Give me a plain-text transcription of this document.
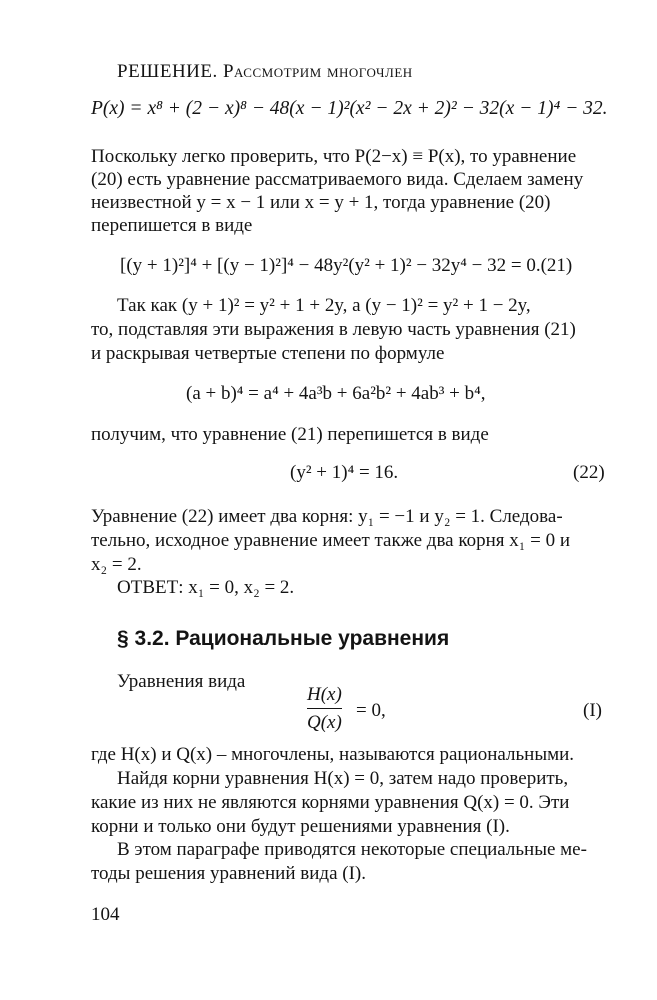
РЕШЕНИЕ. Рассмотрим многочлен
P(x) = x⁸ + (2 − x)⁸ − 48(x − 1)²(x² − 2x + 2)² − 32(x − 1)⁴ − 32.
Поскольку легко проверить, что P(2−x) ≡ P(x), то уравнение
(20) есть уравнение рассматриваемого вида. Сделаем замену
неизвестной y = x − 1 или x = y + 1, тогда уравнение (20)
перепишется в виде
[(y + 1)²]⁴ + [(y − 1)²]⁴ − 48y²(y² + 1)² − 32y⁴ − 32 = 0.(21)
Так как (y + 1)² = y² + 1 + 2y, а (y − 1)² = y² + 1 − 2y,
то, подставляя эти выражения в левую часть уравнения (21)
и раскрывая четвертые степени по формуле
(a + b)⁴ = a⁴ + 4a³b + 6a²b² + 4ab³ + b⁴,
получим, что уравнение (21) перепишется в виде
(y² + 1)⁴ = 16.	(22)
Уравнение (22) имеет два корня: y₁ = −1 и y₂ = 1. Следова-
тельно, исходное уравнение имеет также два корня x₁ = 0 и
x₂ = 2.
ОТВЕТ: x₁ = 0, x₂ = 2.
§ 3.2. Рациональные уравнения
Уравнения вида
H(x)
Q(x)
= 0,	(I)
где H(x) и Q(x) – многочлены, называются рациональными.
Найдя корни уравнения H(x) = 0, затем надо проверить,
какие из них не являются корнями уравнения Q(x) = 0. Эти
корни и только они будут решениями уравнения (I).
В этом параграфе приводятся некоторые специальные ме-
тоды решения уравнений вида (I).
104
